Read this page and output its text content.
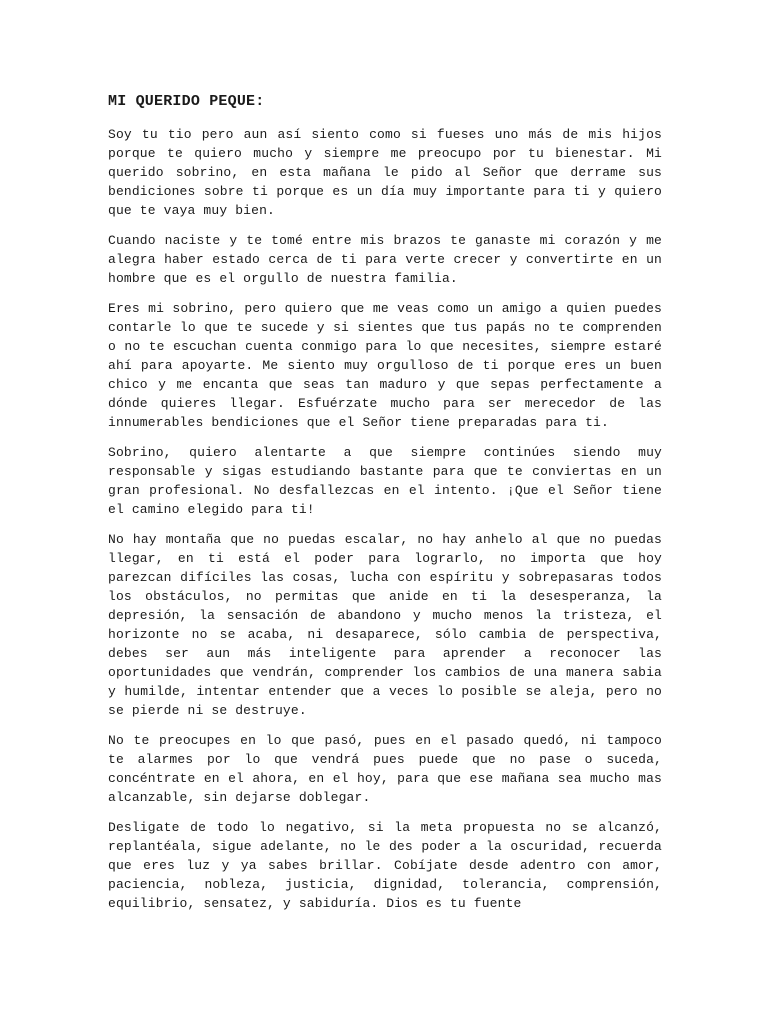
MI QUERIDO PEQUE:

Soy tu tio pero aun así siento como si fueses uno más de mis hijos porque te quiero mucho y siempre me preocupo por tu bienestar. Mi querido sobrino, en esta mañana le pido al Señor que derrame sus bendiciones sobre ti porque es un día muy importante para ti y quiero que te vaya muy bien.

Cuando naciste y te tomé entre mis brazos te ganaste mi corazón y me alegra haber estado cerca de ti para verte crecer y convertirte en un hombre que es el orgullo de nuestra familia.

Eres mi sobrino, pero quiero que me veas como un amigo a quien puedes contarle lo que te sucede y si sientes que tus papás no te comprenden o no te escuchan cuenta conmigo para lo que necesites, siempre estaré ahí para apoyarte. Me siento muy orgulloso de ti porque eres un buen chico y me encanta que seas tan maduro y que sepas perfectamente a dónde quieres llegar. Esfuérzate mucho para ser merecedor de las innumerables bendiciones que el Señor tiene preparadas para ti.

Sobrino, quiero alentarte a que siempre continúes siendo muy responsable y sigas estudiando bastante para que te conviertas en un gran profesional. No desfallezcas en el intento. ¡Que el Señor tiene el camino elegido para ti!

No hay montaña que no puedas escalar, no hay anhelo al que no puedas llegar, en ti está el poder para lograrlo, no importa que hoy parezcan difíciles las cosas, lucha con espíritu y sobrepasaras todos los obstáculos, no permitas que anide en ti la desesperanza, la depresión, la sensación de abandono y mucho menos la tristeza, el horizonte no se acaba, ni desaparece, sólo cambia de perspectiva, debes ser aun más inteligente para aprender a reconocer las oportunidades que vendrán, comprender los cambios de una manera sabia y humilde, intentar entender que a veces lo posible se aleja, pero no se pierde ni se destruye.

No te preocupes en lo que pasó, pues en el pasado quedó, ni tampoco te alarmes por lo que vendrá pues puede que no pase o suceda, concéntrate en el ahora, en el hoy, para que ese mañana sea mucho mas alcanzable, sin dejarse doblegar.

Desligate de todo lo negativo, si la meta propuesta no se alcanzó, replantéala, sigue adelante, no le des poder a la oscuridad, recuerda que eres luz y ya sabes brillar. Cobíjate desde adentro con amor, paciencia, nobleza, justicia, dignidad, tolerancia, comprensión, equilibrio, sensatez, y sabiduría. Dios es tu fuente
